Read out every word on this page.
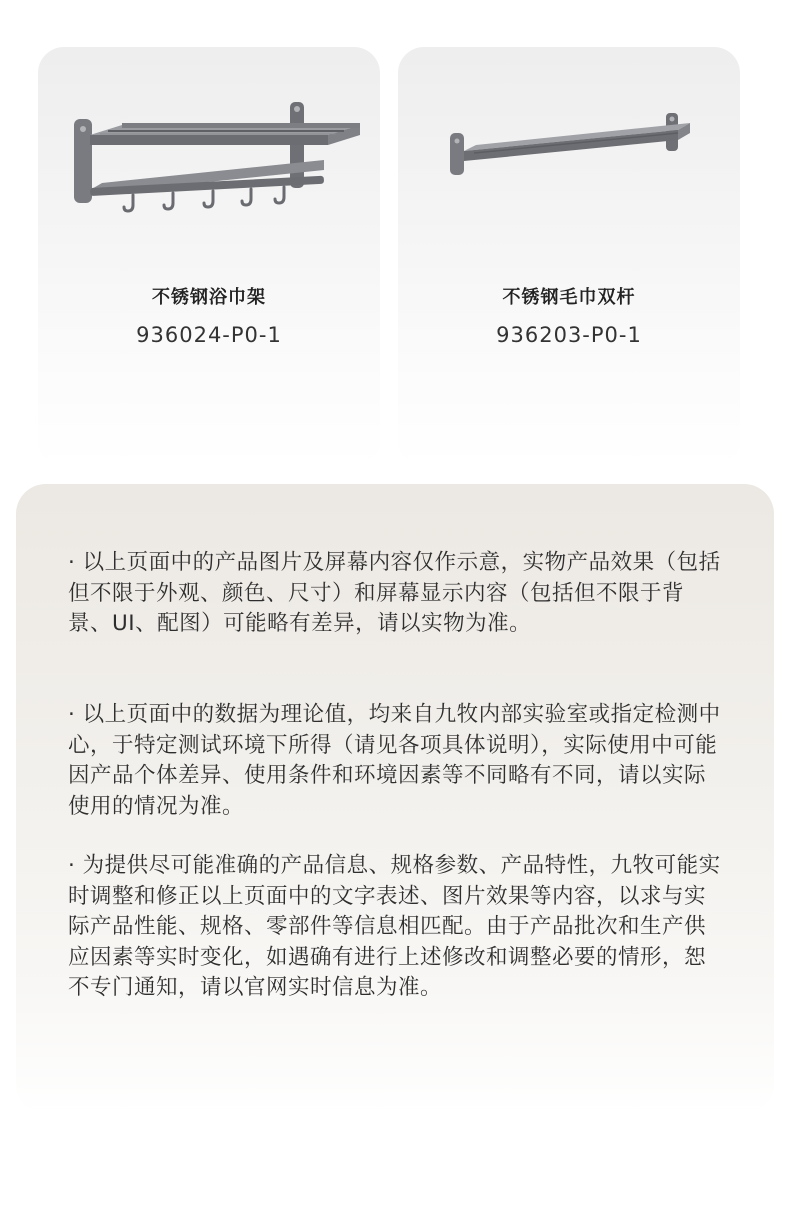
不锈钢浴巾架
936024-P0-1
不锈钢毛巾双杆
936203-P0-1
· 以上页面中的产品图片及屏幕内容仅作示意，实物产品效果（包括但不限于外观、颜色、尺寸）和屏幕显示内容（包括但不限于背景、UI、配图）可能略有差异，请以实物为准。
· 以上页面中的数据为理论值，均来自九牧内部实验室或指定检测中心，于特定测试环境下所得（请见各项具体说明），实际使用中可能因产品个体差异、使用条件和环境因素等不同略有不同，请以实际使用的情况为准。
· 为提供尽可能准确的产品信息、规格参数、产品特性，九牧可能实时调整和修正以上页面中的文字表述、图片效果等内容，以求与实际产品性能、规格、零部件等信息相匹配。由于产品批次和生产供应因素等实时变化，如遇确有进行上述修改和调整必要的情形，恕不专门通知，请以官网实时信息为准。
